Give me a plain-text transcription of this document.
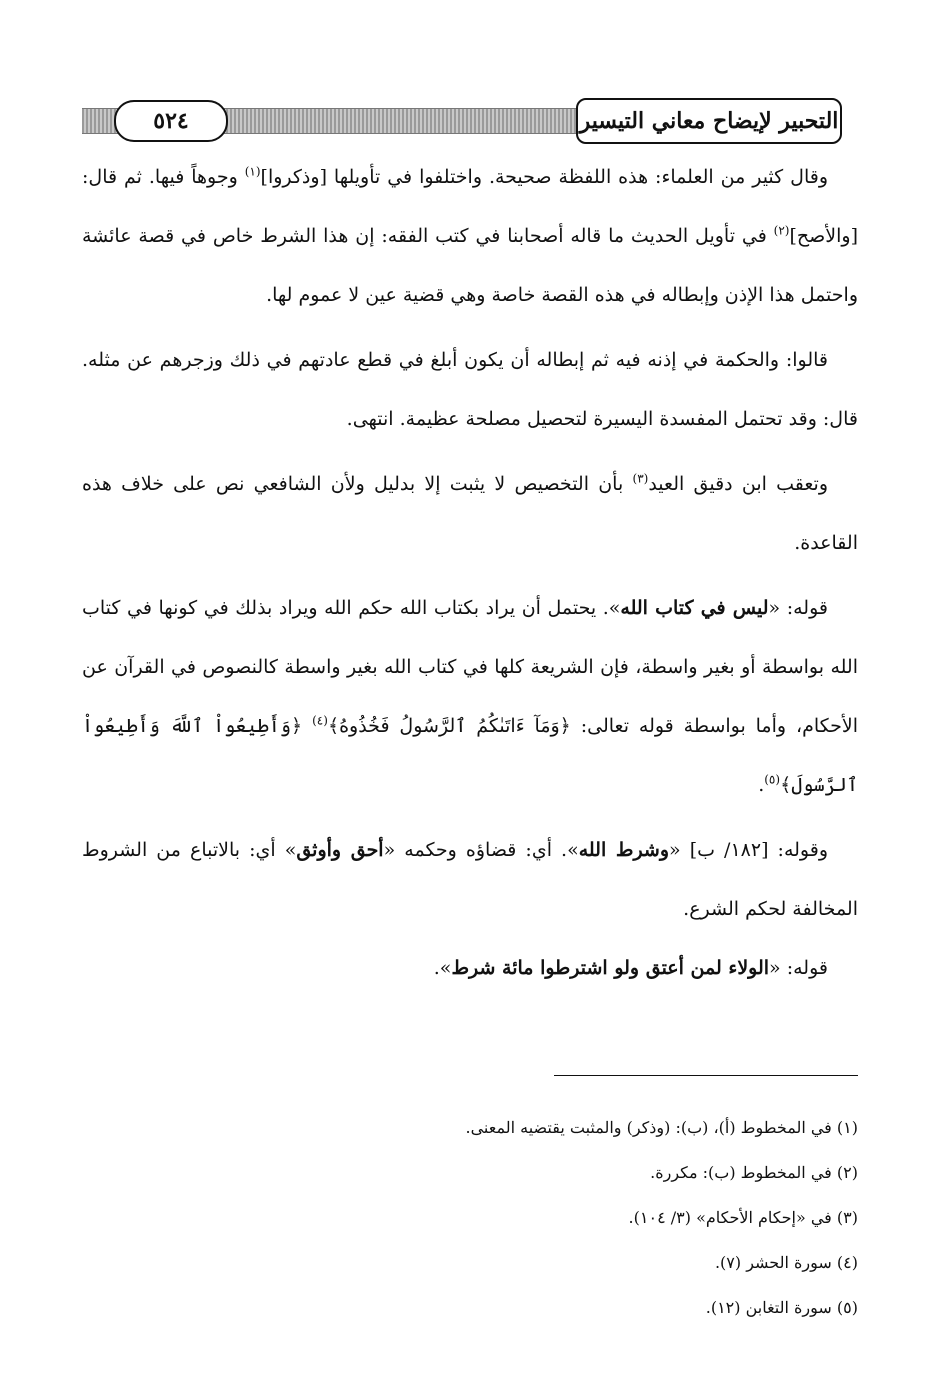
التحبير لإيضاح معاني التيسير
٥٢٤

وقال كثير من العلماء: هذه اللفظة صحيحة. واختلفوا في تأويلها [وذكروا]$^{(١)}$ وجوهاً فيها. ثم قال: [والأصح]$^{(٢)}$ في تأويل الحديث ما قاله أصحابنا في كتب الفقه: إن هذا الشرط خاص في قصة عائشة واحتمل هذا الإذن وإبطاله في هذه القصة خاصة وهي قضية عين لا عموم لها.

قالوا: والحكمة في إذنه فيه ثم إبطاله أن يكون أبلغ في قطع عادتهم في ذلك وزجرهم عن مثله. قال: وقد تحتمل المفسدة اليسيرة لتحصيل مصلحة عظيمة. انتهى.

وتعقب ابن دقيق العيد$^{(٣)}$ بأن التخصيص لا يثبت إلا بدليل ولأن الشافعي نص على خلاف هذه القاعدة.

قوله: «ليس في كتاب الله». يحتمل أن يراد بكتاب الله حكم الله ويراد بذلك في كونها في كتاب الله بواسطة أو بغير واسطة، فإن الشريعة كلها في كتاب الله بغير واسطة كالنصوص في القرآن عن الأحكام، وأما بواسطة قوله تعالى: ﴿وَمَآ ءَاتَىٰكُمُ ٱلرَّسُولُ فَخُذُوهُ﴾$^{(٤)}$ ﴿وَأَطِيعُواْ ٱللَّهَ وَأَطِيعُواْ ٱلرَّسُولَ﴾$^{(٥)}$.

وقوله: [١٨٢/ ب] «وشرط الله». أي: قضاؤه وحكمه «أحق وأوثق» أي: بالاتباع من الشروط المخالفة لحكم الشرع.

قوله: «الولاء لمن أعتق ولو اشترطوا مائة شرط».

(١) في المخطوط (أ)، (ب): (وذكر) والمثبت يقتضيه المعنى.
(٢) في المخطوط (ب): مكررة.
(٣) في «إحكام الأحكام» (٣/ ١٠٤).
(٤) سورة الحشر (٧).
(٥) سورة التغابن (١٢).
